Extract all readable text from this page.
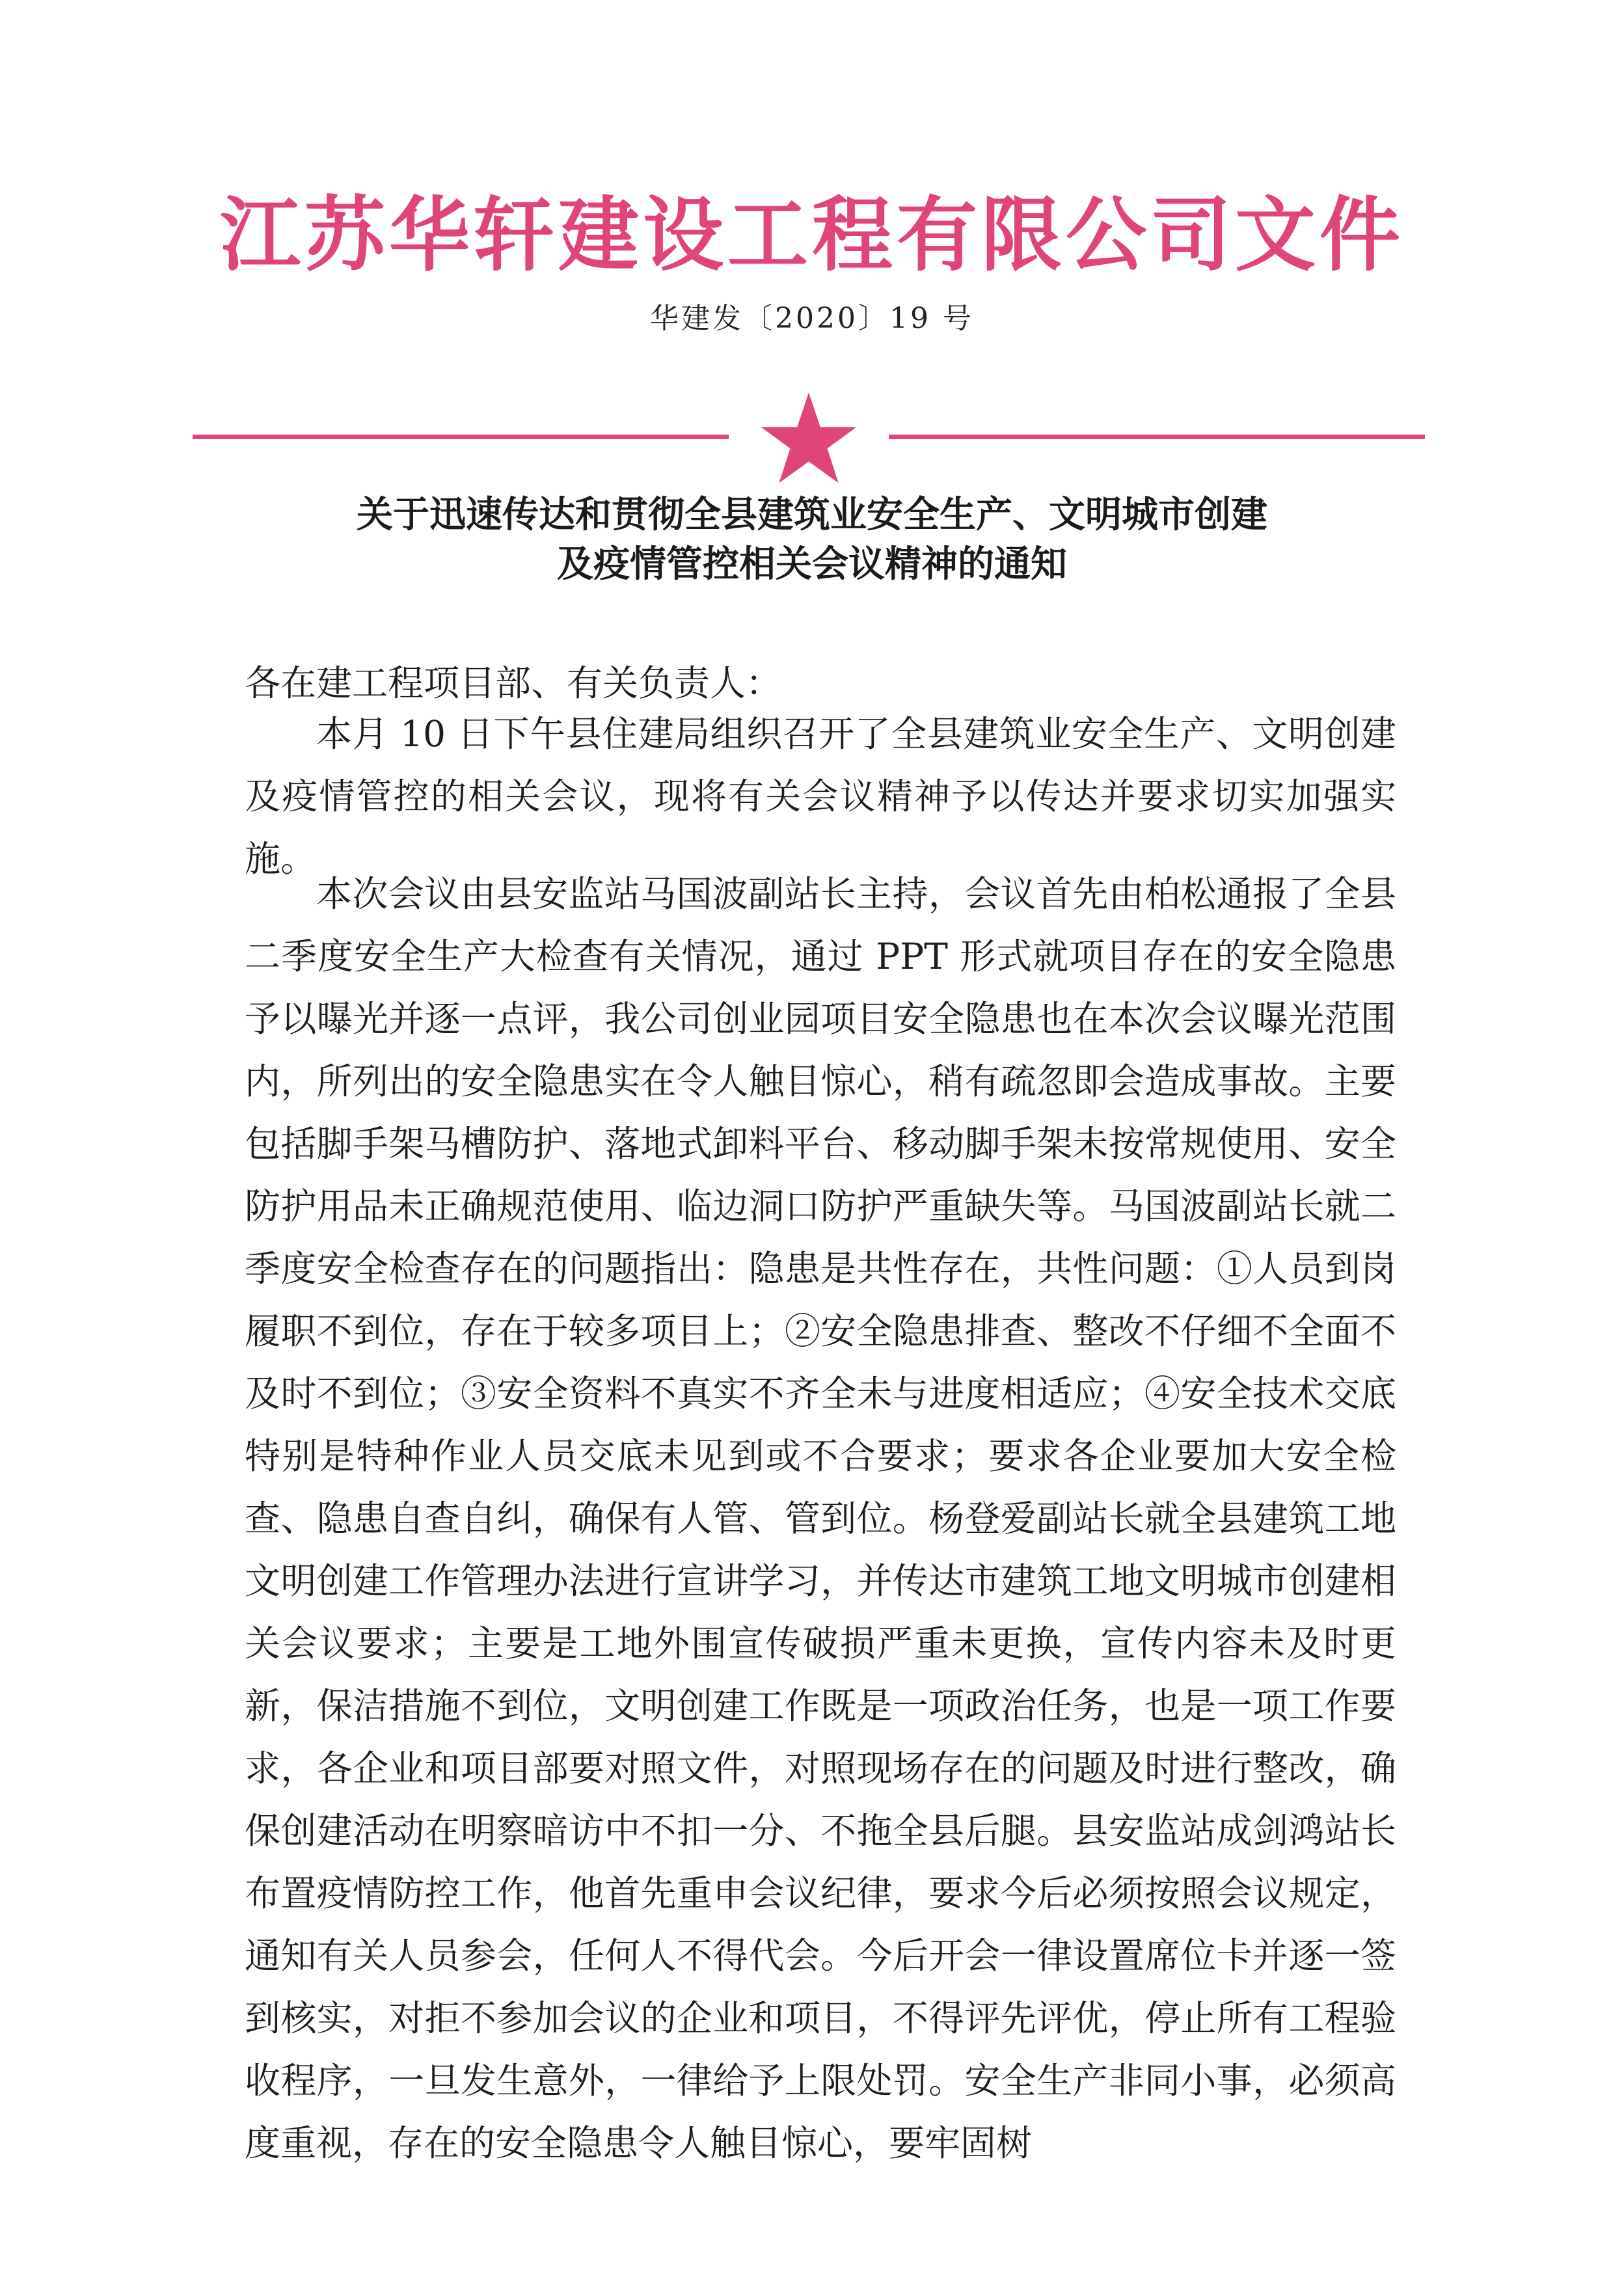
江苏华轩建设工程有限公司文件
华建发〔2020〕19 号
关于迅速传达和贯彻全县建筑业安全生产、文明城市创建
及疫情管控相关会议精神的通知
各在建工程项目部、有关负责人：

本月 10 日下午县住建局组织召开了全县建筑业安全生产、文明创建及疫情管控的相关会议，现将有关会议精神予以传达并要求切实加强实施。

本次会议由县安监站马国波副站长主持，会议首先由柏松通报了全县二季度安全生产大检查有关情况，通过 PPT 形式就项目存在的安全隐患予以曝光并逐一点评，我公司创业园项目安全隐患也在本次会议曝光范围内，所列出的安全隐患实在令人触目惊心，稍有疏忽即会造成事故。主要包括脚手架马槽防护、落地式卸料平台、移动脚手架未按常规使用、安全防护用品未正确规范使用、临边洞口防护严重缺失等。马国波副站长就二季度安全检查存在的问题指出：隐患是共性存在，共性问题：①人员到岗履职不到位，存在于较多项目上；②安全隐患排查、整改不仔细不全面不及时不到位；③安全资料不真实不齐全未与进度相适应；④安全技术交底特别是特种作业人员交底未见到或不合要求；要求各企业要加大安全检查、隐患自查自纠，确保有人管、管到位。杨登爱副站长就全县建筑工地文明创建工作管理办法进行宣讲学习，并传达市建筑工地文明城市创建相关会议要求；主要是工地外围宣传破损严重未更换，宣传内容未及时更新，保洁措施不到位，文明创建工作既是一项政治任务，也是一项工作要求，各企业和项目部要对照文件，对照现场存在的问题及时进行整改，确保创建活动在明察暗访中不扣一分、不拖全县后腿。县安监站成剑鸿站长布置疫情防控工作，他首先重申会议纪律，要求今后必须按照会议规定，通知有关人员参会，任何人不得代会。今后开会一律设置席位卡并逐一签到核实，对拒不参加会议的企业和项目，不得评先评优，停止所有工程验收程序，一旦发生意外，一律给予上限处罚。安全生产非同小事，必须高度重视，存在的安全隐患令人触目惊心，要牢固树
